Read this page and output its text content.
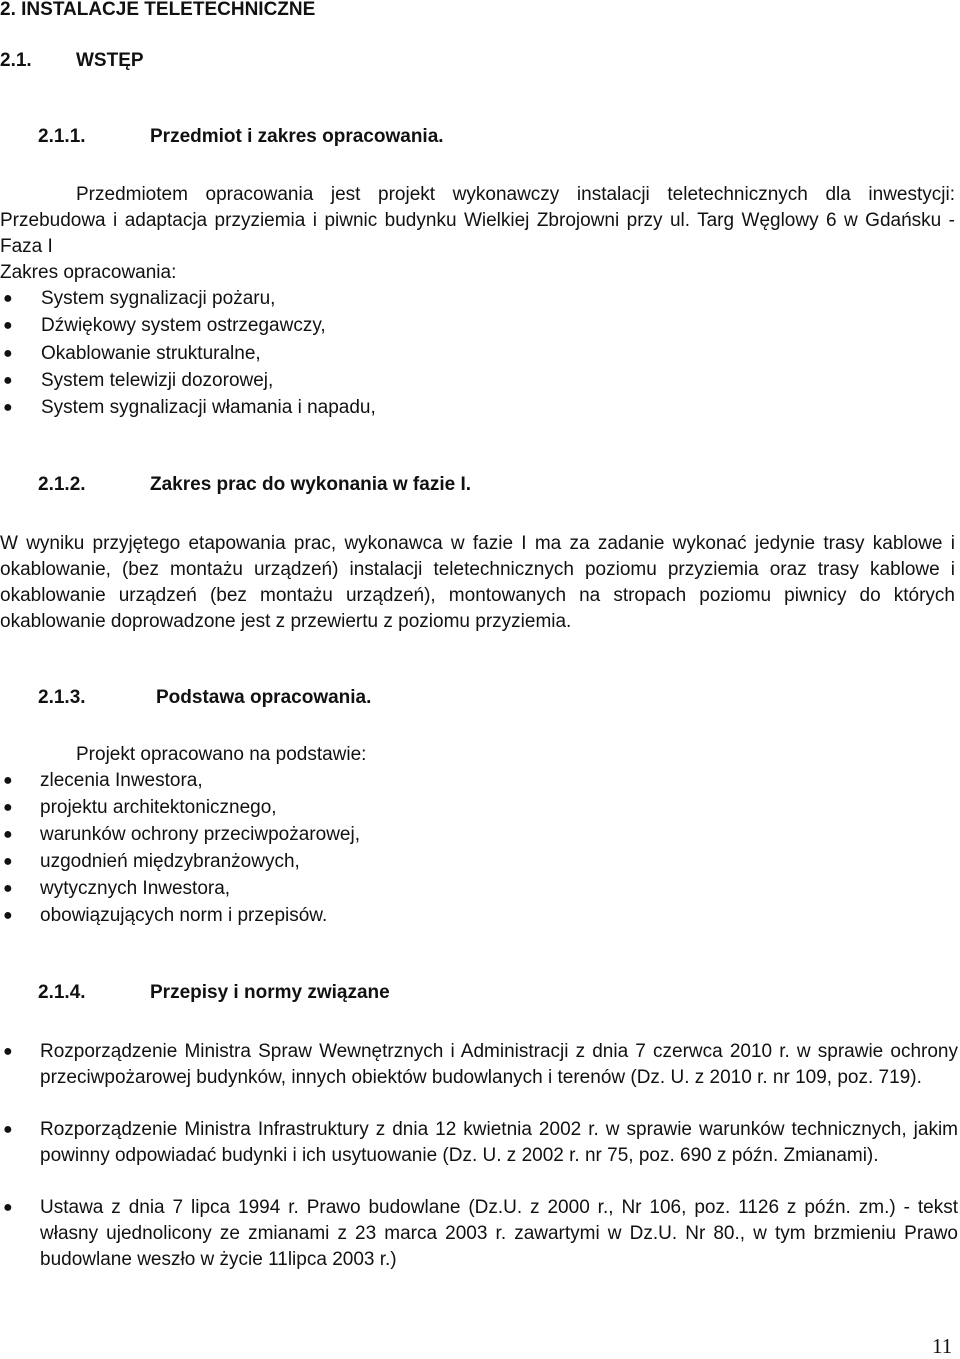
2. INSTALACJE TELETECHNICZNE
2.1. WSTĘP
2.1.1.	Przedmiot i zakres opracowania.
Przedmiotem opracowania jest projekt wykonawczy instalacji teletechnicznych dla inwestycji: Przebudowa i adaptacja przyziemia i piwnic budynku Wielkiej Zbrojowni przy ul. Targ Węglowy 6 w Gdańsku - Faza I
Zakres opracowania:
●	System sygnalizacji pożaru,
●	Dźwiękowy system ostrzegawczy,
●	Okablowanie strukturalne,
●	System telewizji dozorowej,
●	System sygnalizacji włamania i napadu,
2.1.2.	Zakres prac do wykonania w fazie I.
W wyniku przyjętego etapowania prac, wykonawca w fazie I ma za zadanie wykonać jedynie trasy kablowe i okablowanie, (bez montażu urządzeń) instalacji teletechnicznych poziomu przyziemia oraz trasy kablowe i okablowanie urządzeń (bez montażu urządzeń), montowanych na stropach poziomu piwnicy do których okablowanie doprowadzone jest z przewiertu z poziomu przyziemia.
2.1.3.	Podstawa opracowania.
Projekt opracowano na podstawie:
●	zlecenia Inwestora,
●	projektu architektonicznego,
●	warunków ochrony przeciwpożarowej,
●	uzgodnień międzybranżowych,
●	wytycznych Inwestora,
●	obowiązujących norm i przepisów.
2.1.4.	Przepisy i normy związane
●	Rozporządzenie Ministra Spraw Wewnętrznych i Administracji z dnia 7 czerwca 2010 r. w sprawie ochrony przeciwpożarowej budynków, innych obiektów budowlanych i terenów (Dz. U. z 2010 r. nr 109, poz. 719).
●	Rozporządzenie Ministra Infrastruktury z dnia 12 kwietnia 2002 r. w sprawie warunków technicznych, jakim powinny odpowiadać budynki i ich usytuowanie (Dz. U. z 2002 r. nr 75, poz. 690 z późn. Zmianami).
●	Ustawa z dnia 7 lipca 1994 r. Prawo budowlane (Dz.U. z 2000 r., Nr 106, poz. 1126 z późn. zm.) - tekst własny ujednolicony ze zmianami z 23 marca 2003 r. zawartymi w Dz.U. Nr 80., w tym brzmieniu Prawo budowlane weszło w życie 11lipca 2003 r.)
11
